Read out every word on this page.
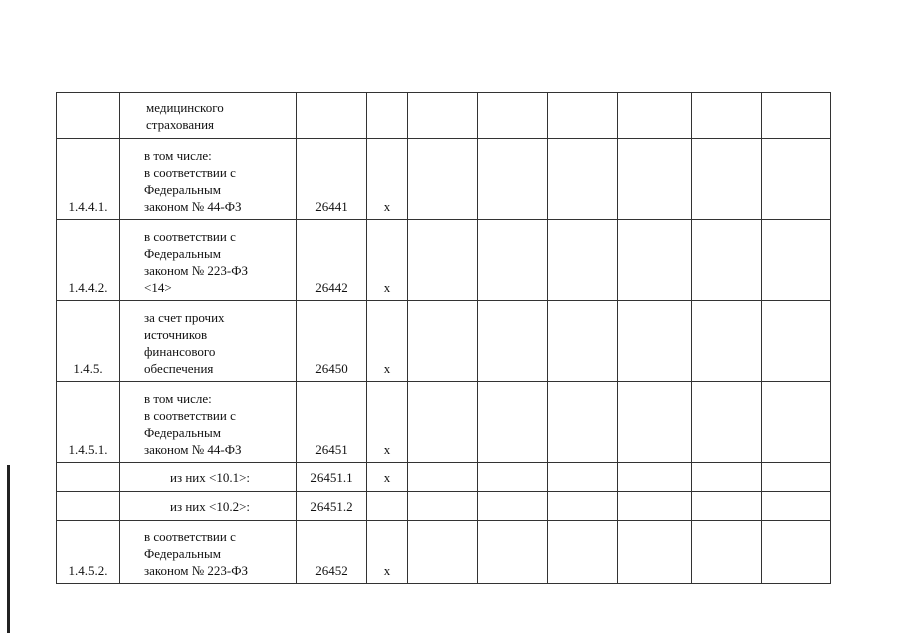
	медицинского
страхования								

1.4.4.1.	в том числе:
в соответствии с
Федеральным
законом № 44-ФЗ	26441	x						
1.4.4.2.	в соответствии с
Федеральным
законом № 223-ФЗ
<14>	26442	x						
1.4.5.	за счет прочих
источников
финансового
обеспечения	26450	x						
1.4.5.1.	в том числе:
в соответствии с
Федеральным
законом № 44-ФЗ	26451	x						

	из них <10.1>:	26451.1	x						

	из них <10.2>:	26451.2							
1.4.5.2.	в соответствии с
Федеральным
законом № 223-ФЗ	26452	x						
